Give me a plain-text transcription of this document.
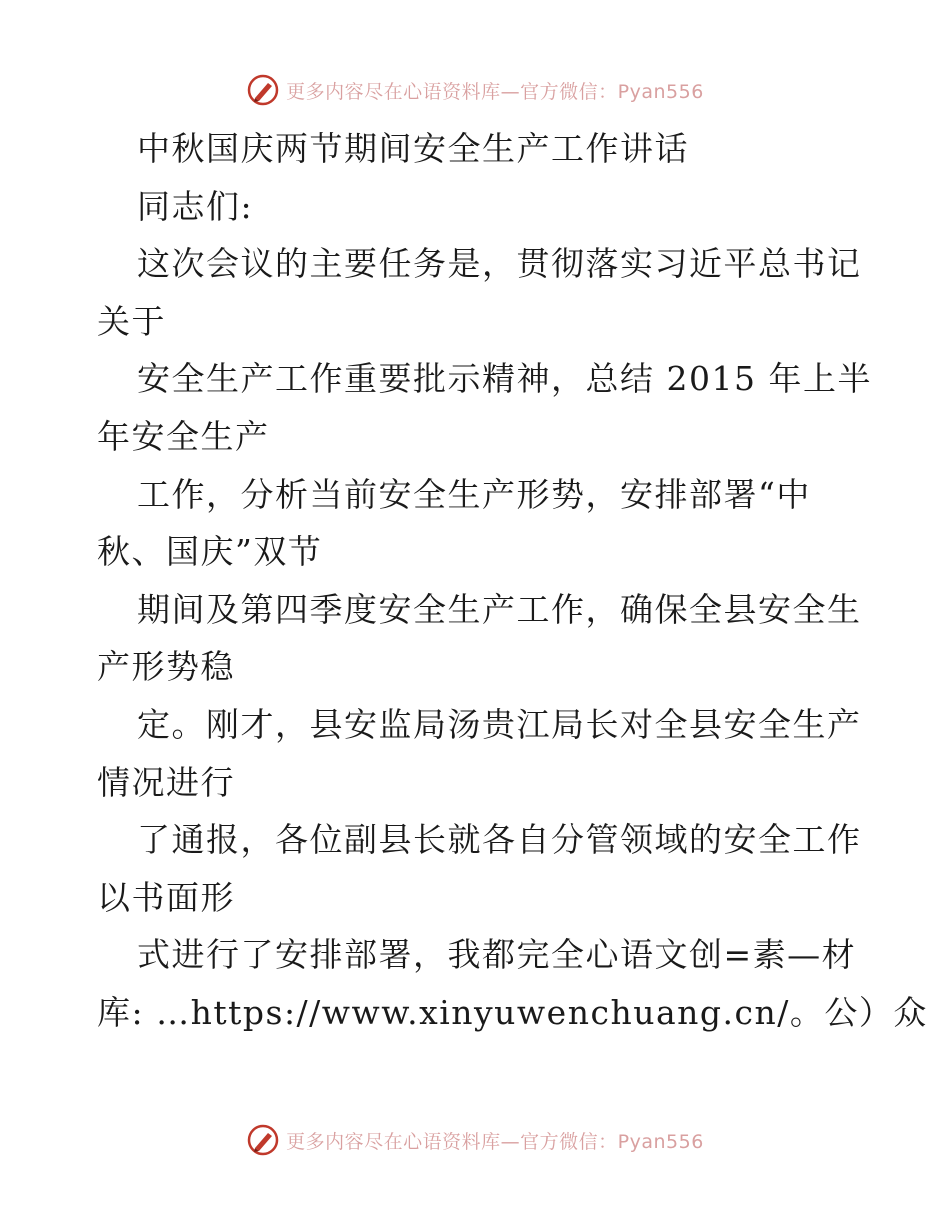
更多内容尽在心语资料库—官方微信：Pyan556
中秋国庆两节期间安全生产工作讲话
同志们:
这次会议的主要任务是，贯彻落实习近平总书记
关于
安全生产工作重要批示精神，总结 2015 年上半
年安全生产
工作，分析当前安全生产形势，安排部署“中
秋、国庆”双节
期间及第四季度安全生产工作，确保全县安全生
产形势稳
定。刚才，县安监局汤贵江局长对全县安全生产
情况进行
了通报，各位副县长就各自分管领域的安全工作
以书面形
式进行了安排部署，我都完全心语文创=素—材
库: …https://www.xinyuwenchuang.cn/。公）众
更多内容尽在心语资料库—官方微信：Pyan556
